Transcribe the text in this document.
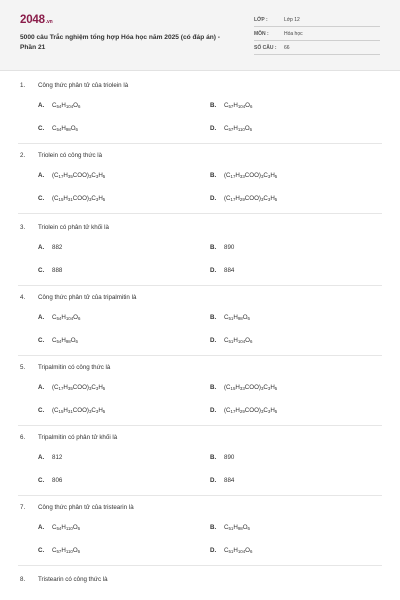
2048.vn
5000 câu Trắc nghiệm tổng hợp Hóa học năm 2025 (có đáp án) - Phần 21
LỚP :	Lớp 12
MÔN :	Hóa học
SỐ CÂU : 66
1. Công thức phân tử của triolein là
A. $C_{54}H_{104}O_6$	B. $C_{57}H_{104}O_6$
C. $C_{54}H_{98}O_6$	D. $C_{57}H_{110}O_6$
2. Triolein có công thức là
A. $(C_{17}H_{35}COO)_3C_3H_5$	B. $(C_{17}H_{33}COO)_3C_3H_5$
C. $(C_{15}H_{31}COO)_3C_3H_5$	D. $(C_{17}H_{29}COO)_3C_3H_5$
3. Triolein có phân tử khối là
A. 882	B. 890
C. 888	D. 884
4. Công thức phân tử của tripalmitin là
A. $C_{54}H_{104}O_6$	B. $C_{51}H_{98}O_6$
C. $C_{54}H_{98}O_6$	D. $C_{51}H_{104}O_6$
5. Tripalmitin có công thức là
A. $(C_{17}H_{35}COO)_3C_3H_5$	B. $(C_{15}H_{33}COO)_3C_3H_5$
C. $(C_{15}H_{31}COO)_3C_3H_5$	D. $(C_{17}H_{29}COO)_3C_3H_5$
6. Tripalmitin có phân tử khối là
A. 812	B. 890
C. 806	D. 884
7. Công thức phân tử của tristearin là
A. $C_{54}H_{110}O_6$	B. $C_{51}H_{98}O_6$
C. $C_{57}H_{110}O_6$	D. $C_{51}H_{104}O_6$
8. Tristearin có công thức là
